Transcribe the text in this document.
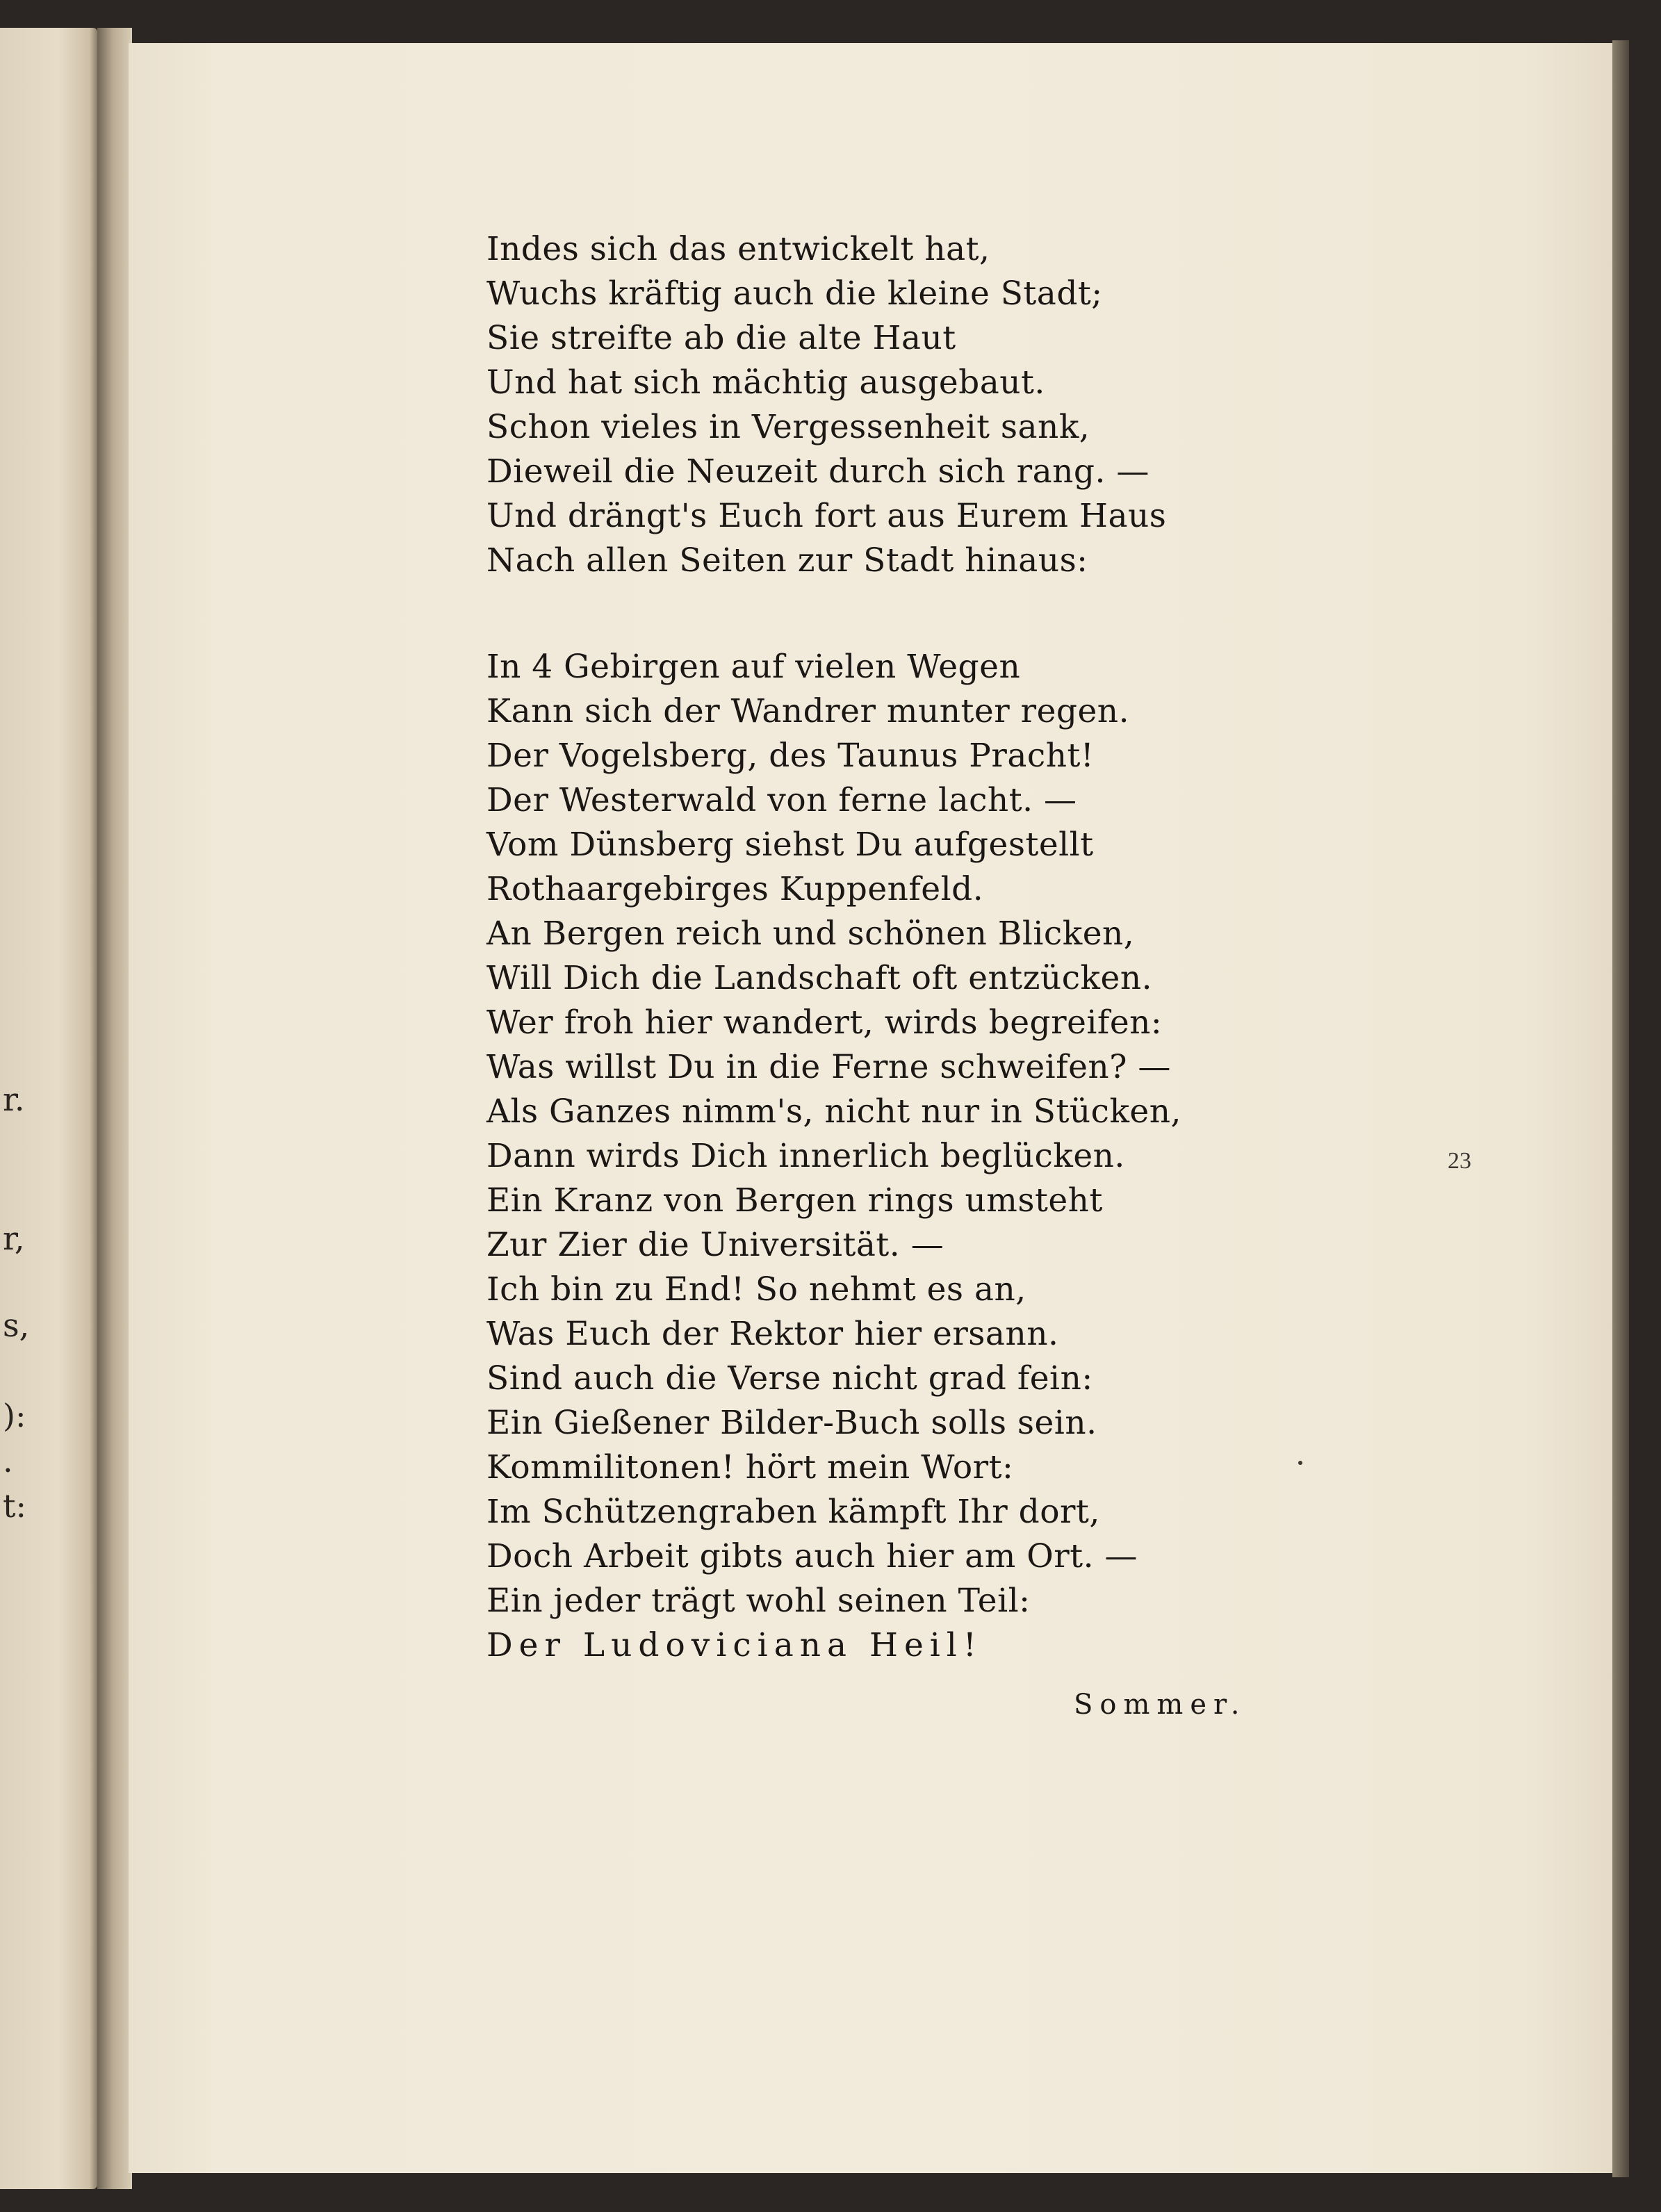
r.
r,
s,
):
.
t:
Indes sich das entwickelt hat,
Wuchs kräftig auch die kleine Stadt;
Sie streifte ab die alte Haut
Und hat sich mächtig ausgebaut.
Schon vieles in Vergessenheit sank,
Dieweil die Neuzeit durch sich rang. —
Und drängt's Euch fort aus Eurem Haus
Nach allen Seiten zur Stadt hinaus:
In 4 Gebirgen auf vielen Wegen
Kann sich der Wandrer munter regen.
Der Vogelsberg, des Taunus Pracht!
Der Westerwald von ferne lacht. —
Vom Dünsberg siehst Du aufgestellt
Rothaargebirges Kuppenfeld.
An Bergen reich und schönen Blicken,
Will Dich die Landschaft oft entzücken.
Wer froh hier wandert, wirds begreifen:
Was willst Du in die Ferne schweifen? —
Als Ganzes nimm's, nicht nur in Stücken,
Dann wirds Dich innerlich beglücken.
Ein Kranz von Bergen rings umsteht
Zur Zier die Universität. —
Ich bin zu End! So nehmt es an,
Was Euch der Rektor hier ersann.
Sind auch die Verse nicht grad fein:
Ein Gießener Bilder-Buch solls sein.
Kommilitonen! hört mein Wort:
Im Schützengraben kämpft Ihr dort,
Doch Arbeit gibts auch hier am Ort. —
Ein jeder trägt wohl seinen Teil:
Der Ludoviciana Heil!
Sommer.
23
